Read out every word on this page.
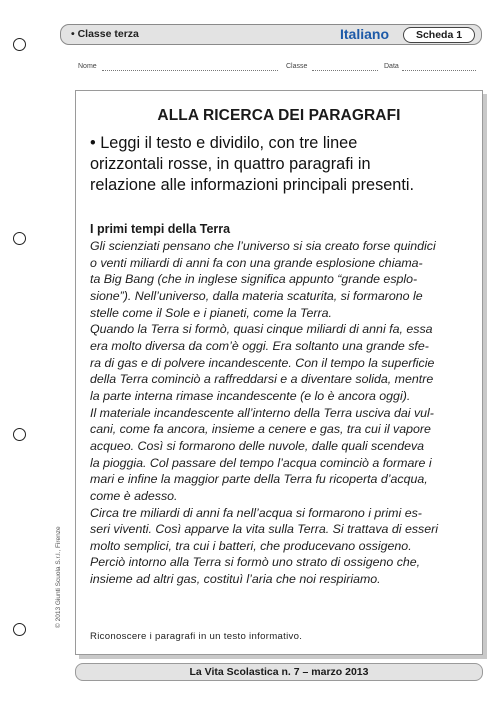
• Classe terza	Italiano	Scheda 1
Nome	Classe	Data
ALLA RICERCA DEI PARAGRAFI
• Leggi il testo e dividilo, con tre linee
orizzontali rosse, in quattro paragrafi in
relazione alle informazioni principali presenti.
I primi tempi della Terra
Gli scienziati pensano che l’universo si sia creato forse quindici
o venti miliardi di anni fa con una grande esplosione chiama-
ta Big Bang (che in inglese significa appunto “grande esplo-
sione”). Nell’universo, dalla materia scaturita, si formarono le
stelle come il Sole e i pianeti, come la Terra.
Quando la Terra si formò, quasi cinque miliardi di anni fa, essa
era molto diversa da com’è oggi. Era soltanto una grande sfe-
ra di gas e di polvere incandescente. Con il tempo la superficie
della Terra cominciò a raffreddarsi e a diventare solida, mentre
la parte interna rimase incandescente (e lo è ancora oggi).
Il materiale incandescente all’interno della Terra usciva dai vul-
cani, come fa ancora, insieme a cenere e gas, tra cui il vapore
acqueo. Così si formarono delle nuvole, dalle quali scendeva
la pioggia. Col passare del tempo l’acqua cominciò a formare i
mari e infine la maggior parte della Terra fu ricoperta d’acqua,
come è adesso.
Circa tre miliardi di anni fa nell’acqua si formarono i primi es-
seri viventi. Così apparve la vita sulla Terra. Si trattava di esseri
molto semplici, tra cui i batteri, che producevano ossigeno.
Perciò intorno alla Terra si formò uno strato di ossigeno che,
insieme ad altri gas, costituì l’aria che noi respiriamo.
Riconoscere i paragrafi in un testo informativo.
© 2013 Giunti Scuola S.r.l., Firenze
La Vita Scolastica n. 7 – marzo 2013
